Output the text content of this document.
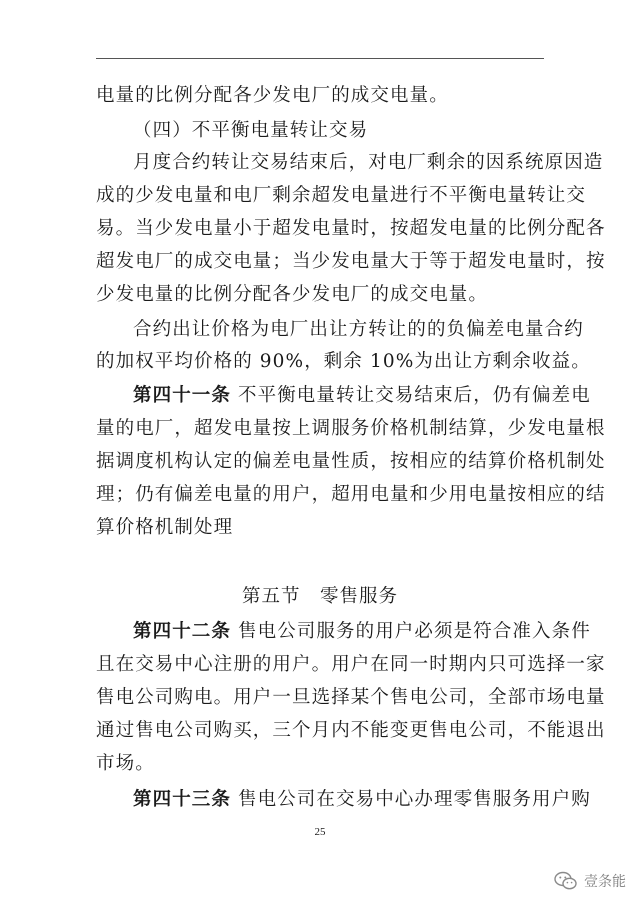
电量的比例分配各少发电厂的成交电量。
（四）不平衡电量转让交易
月度合约转让交易结束后，对电厂剩余的因系统原因造
成的少发电量和电厂剩余超发电量进行不平衡电量转让交
易。当少发电量小于超发电量时，按超发电量的比例分配各
超发电厂的成交电量；当少发电量大于等于超发电量时，按
少发电量的比例分配各少发电厂的成交电量。
合约出让价格为电厂出让方转让的的负偏差电量合约
的加权平均价格的 90%，剩余 10%为出让方剩余收益。
第四十一条 不平衡电量转让交易结束后，仍有偏差电
量的电厂，超发电量按上调服务价格机制结算，少发电量根
据调度机构认定的偏差电量性质，按相应的结算价格机制处
理；仍有偏差电量的用户，超用电量和少用电量按相应的结
算价格机制处理
第五节　零售服务
第四十二条 售电公司服务的用户必须是符合准入条件
且在交易中心注册的用户。用户在同一时期内只可选择一家
售电公司购电。用户一旦选择某个售电公司，全部市场电量
通过售电公司购买，三个月内不能变更售电公司，不能退出
市场。
第四十三条 售电公司在交易中心办理零售服务用户购
25
壹条能
